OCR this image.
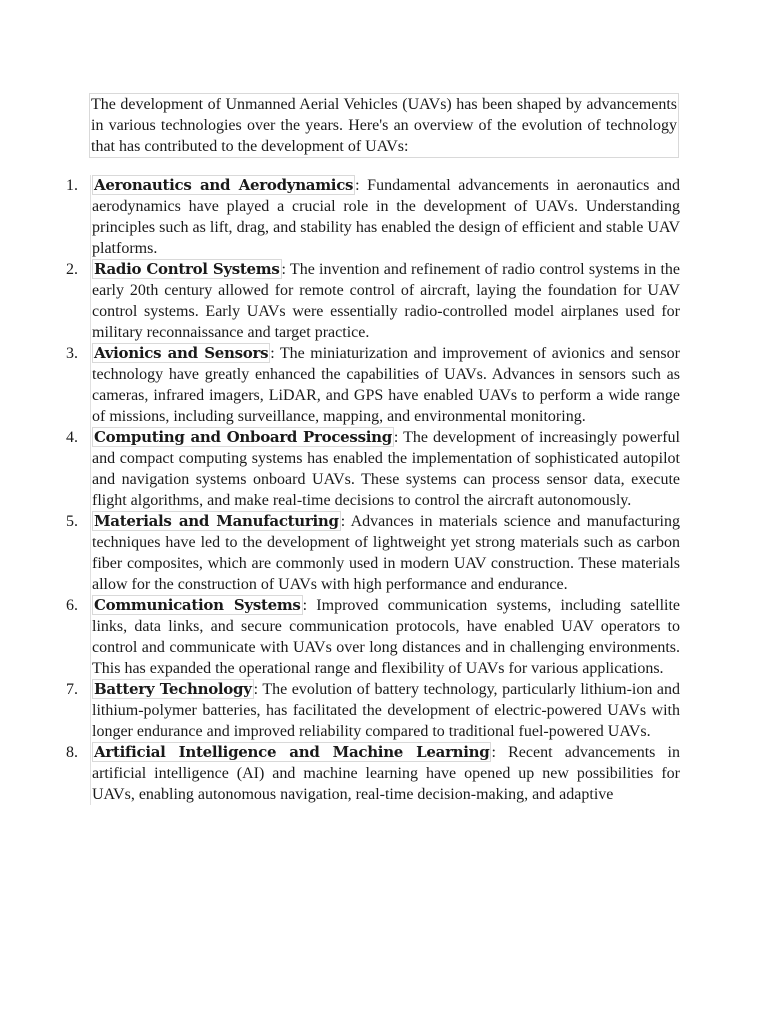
The development of Unmanned Aerial Vehicles (UAVs) has been shaped by advancements in various technologies over the years. Here's an overview of the evolution of technology that has contributed to the development of UAVs:
1.	Aeronautics and Aerodynamics : Fundamental advancements in aeronautics and aerodynamics have played a crucial role in the development of UAVs. Understanding principles such as lift, drag, and stability has enabled the design of efficient and stable UAV platforms.
2.	Radio Control Systems : The invention and refinement of radio control systems in the early 20th century allowed for remote control of aircraft, laying the foundation for UAV control systems. Early UAVs were essentially radio-controlled model airplanes used for military reconnaissance and target practice.
3.	Avionics and Sensors : The miniaturization and improvement of avionics and sensor technology have greatly enhanced the capabilities of UAVs. Advances in sensors such as cameras, infrared imagers, LiDAR, and GPS have enabled UAVs to perform a wide range of missions, including surveillance, mapping, and environmental monitoring.
4.	Computing and Onboard Processing : The development of increasingly powerful and compact computing systems has enabled the implementation of sophisticated autopilot and navigation systems onboard UAVs. These systems can process sensor data, execute flight algorithms, and make real-time decisions to control the aircraft autonomously.
5.	Materials and Manufacturing : Advances in materials science and manufacturing techniques have led to the development of lightweight yet strong materials such as carbon fiber composites, which are commonly used in modern UAV construction. These materials allow for the construction of UAVs with high performance and endurance.
6.	Communication Systems : Improved communication systems, including satellite links, data links, and secure communication protocols, have enabled UAV operators to control and communicate with UAVs over long distances and in challenging environments. This has expanded the operational range and flexibility of UAVs for various applications.
7.	Battery Technology : The evolution of battery technology, particularly lithium-ion and lithium-polymer batteries, has facilitated the development of electric-powered UAVs with longer endurance and improved reliability compared to traditional fuel-powered UAVs.
8.	Artificial Intelligence and Machine Learning : Recent advancements in artificial intelligence (AI) and machine learning have opened up new possibilities for UAVs, enabling autonomous navigation, real-time decision-making, and adaptive
